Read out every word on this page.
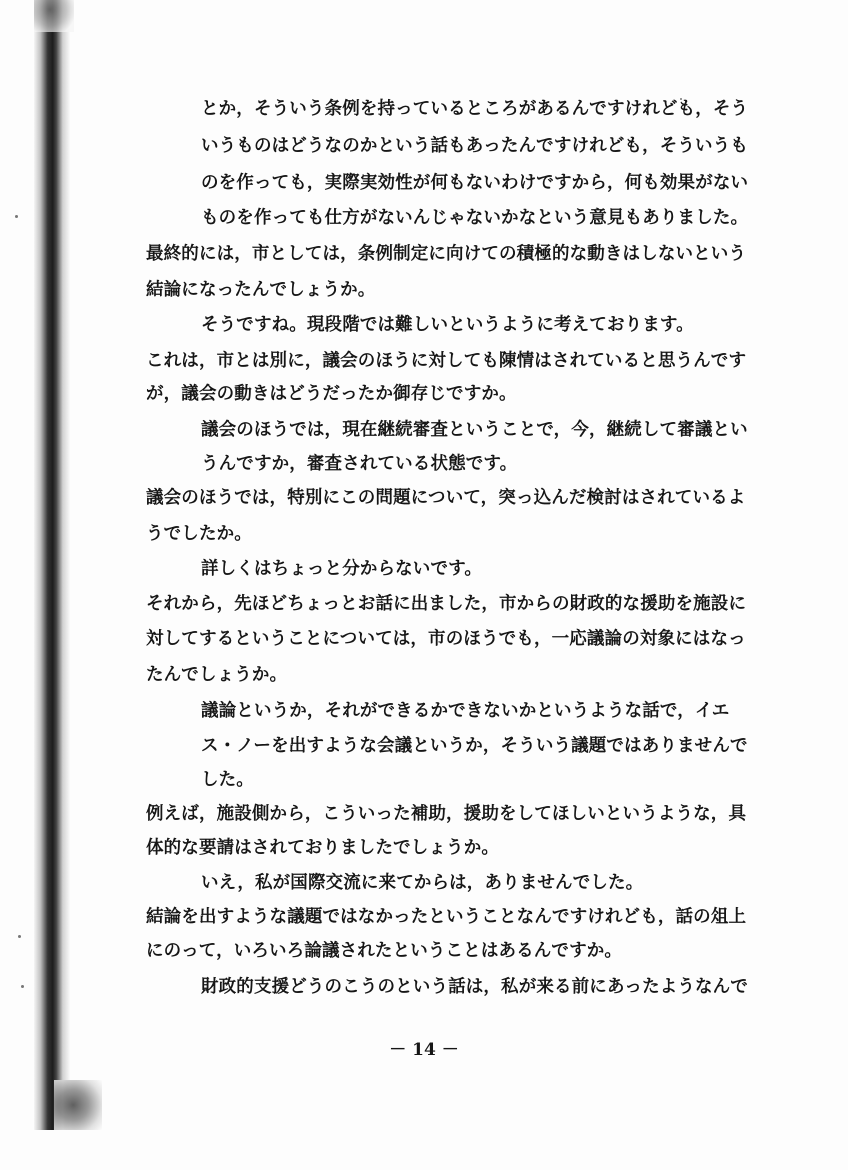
とか，そういう条例を持っているところがあるんですけれども，そう
いうものはどうなのかという話もあったんですけれども，そういうも
のを作っても，実際実効性が何もないわけですから，何も効果がない
ものを作っても仕方がないんじゃないかなという意見もありました。
最終的には，市としては，条例制定に向けての積極的な動きはしないという
結論になったんでしょうか。
そうですね。現段階では難しいというように考えております。
これは，市とは別に，議会のほうに対しても陳情はされていると思うんです
が，議会の動きはどうだったか御存じですか。
議会のほうでは，現在継続審査ということで，今，継続して審議とい
うんですか，審査されている状態です。
議会のほうでは，特別にこの問題について，突っ込んだ検討はされているよ
うでしたか。
詳しくはちょっと分からないです。
それから，先ほどちょっとお話に出ました，市からの財政的な援助を施設に
対してするということについては，市のほうでも，一応議論の対象にはなっ
たんでしょうか。
議論というか，それができるかできないかというような話で，イエ
ス・ノーを出すような会議というか，そういう議題ではありませんで
した。
例えば，施設側から，こういった補助，援助をしてほしいというような，具
体的な要請はされておりましたでしょうか。
いえ，私が国際交流に来てからは，ありませんでした。
結論を出すような議題ではなかったということなんですけれども，話の俎上
にのって，いろいろ論議されたということはあるんですか。
財政的支援どうのこうのという話は，私が来る前にあったようなんで
－ 14 －
